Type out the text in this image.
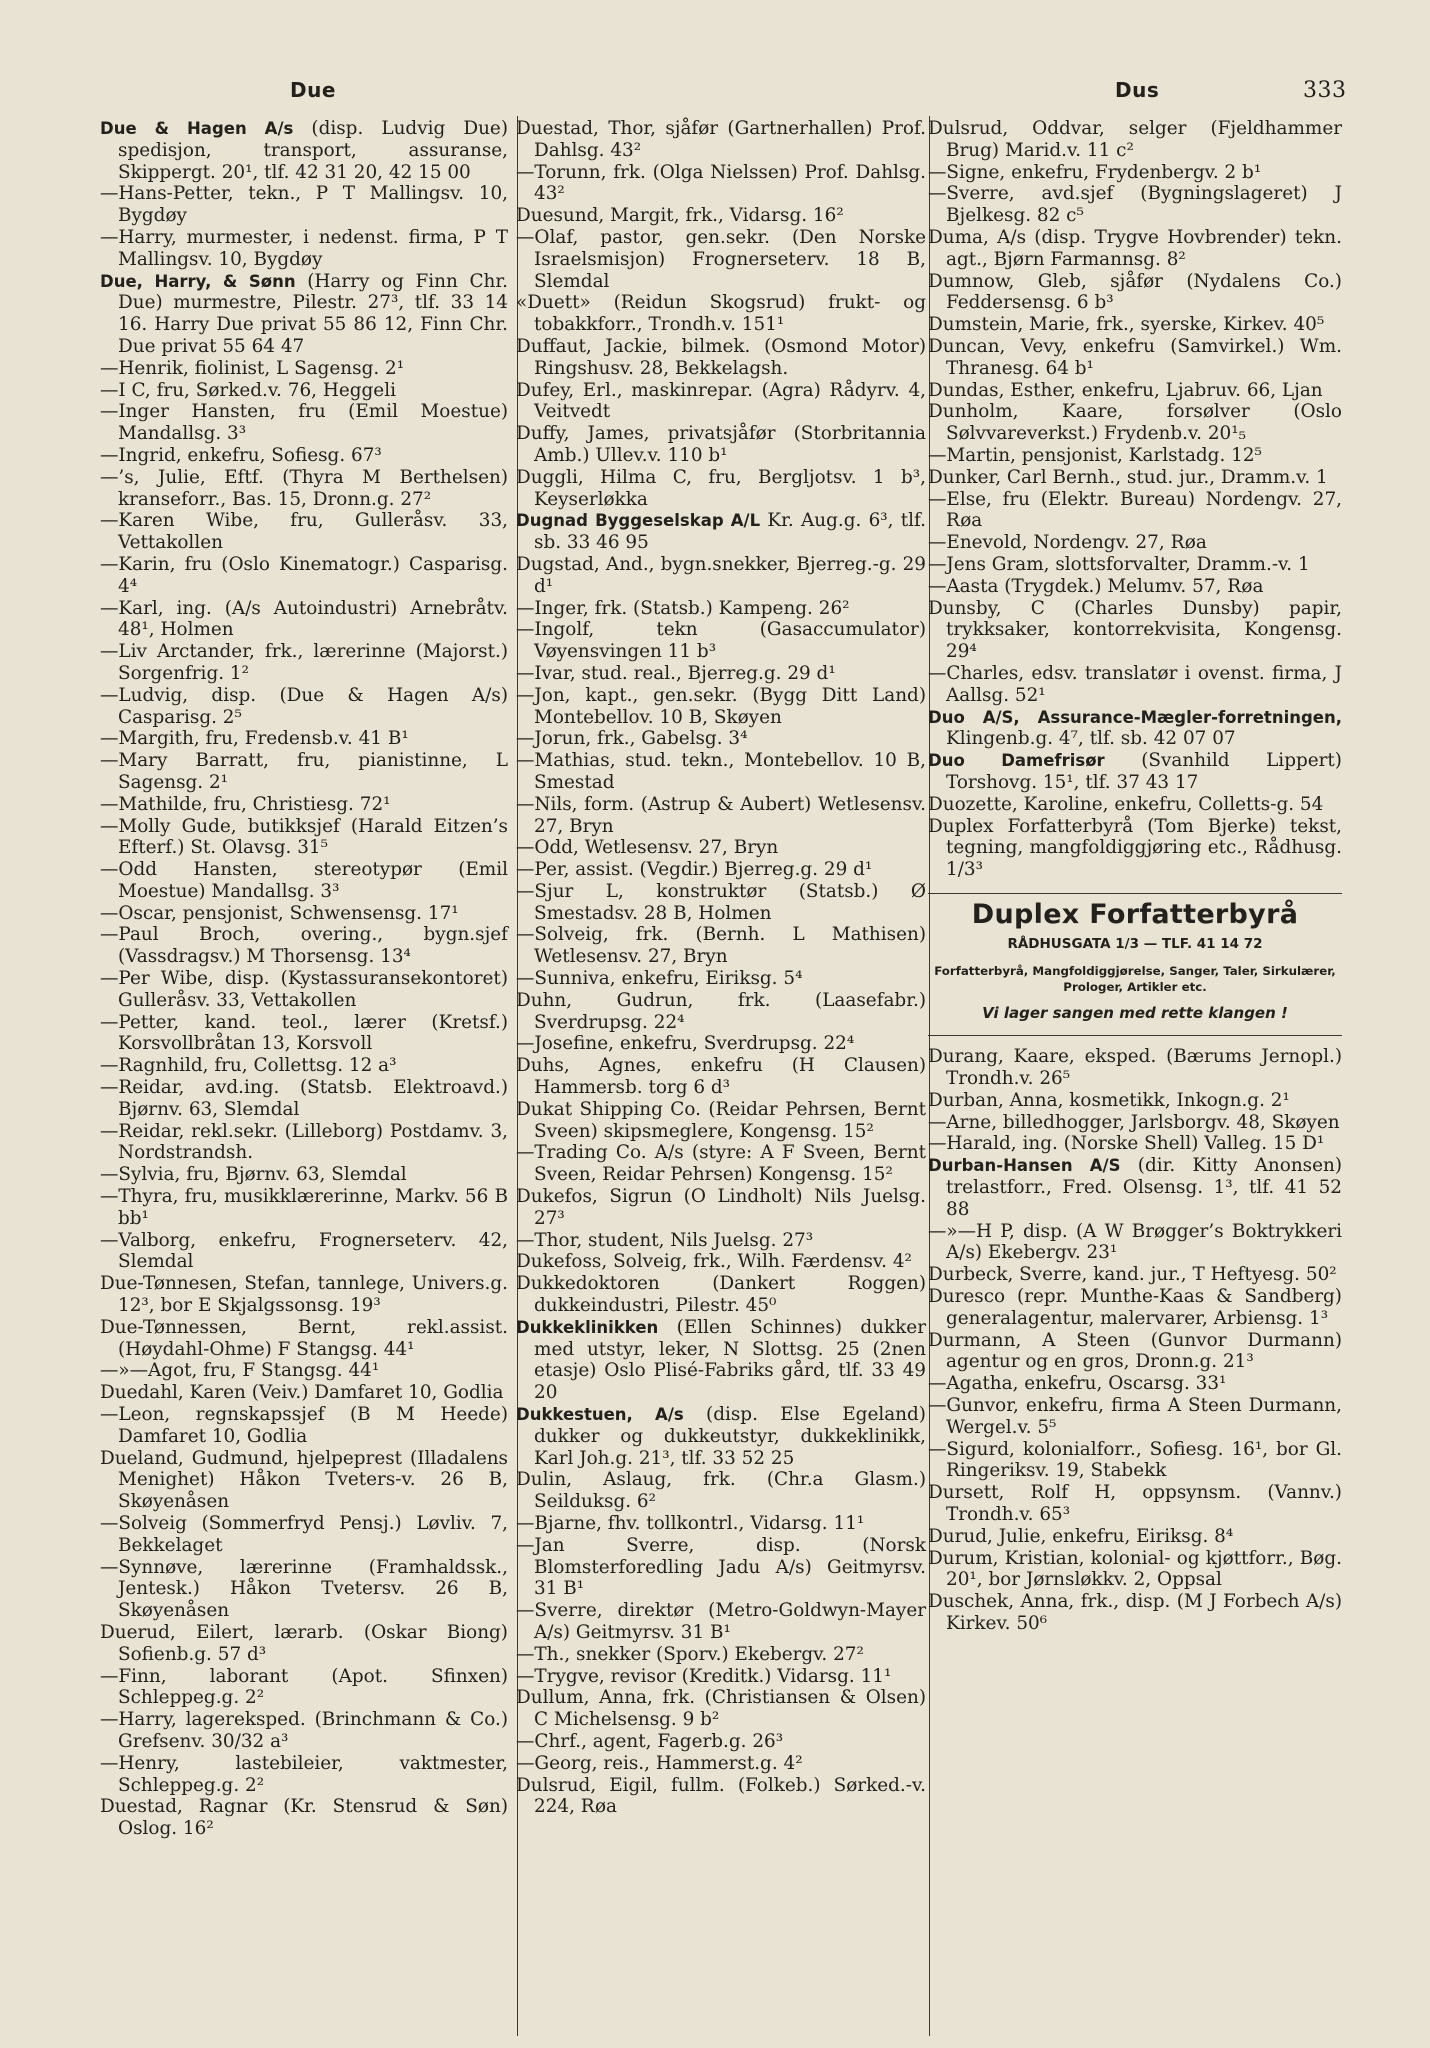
Due	Dus	333
Due & Hagen A/s (disp. Ludvig Due) spedisjon, transport, assuranse, Skippergt. 20¹, tlf. 42 31 20, 42 15 00
—Hans-Petter, tekn., P T Mallingsv. 10, Bygdøy
—Harry, murmester, i nedenst. firma, P T Mallingsv. 10, Bygdøy
Due, Harry, & Sønn (Harry og Finn Chr. Due) murmestre, Pilestr. 27³, tlf. 33 14 16. Harry Due privat 55 86 12, Finn Chr. Due privat 55 64 47
—Henrik, fiolinist, L Sagensg. 2¹
—I C, fru, Sørked.v. 76, Heggeli
—Inger Hansten, fru (Emil Moestue) Mandallsg. 3³
—Ingrid, enkefru, Sofiesg. 67³
—’s, Julie, Eftf. (Thyra M Berthelsen) kranseforr., Bas. 15, Dronn.g. 27²
—Karen Wibe, fru, Gulleråsv. 33, Vettakollen
—Karin, fru (Oslo Kinematogr.) Casparisg. 4⁴
—Karl, ing. (A/s Autoindustri) Arnebråtv. 48¹, Holmen
—Liv Arctander, frk., lærerinne (Majorst.) Sorgenfrig. 1²
—Ludvig, disp. (Due & Hagen A/s) Casparisg. 2⁵
—Margith, fru, Fredensb.v. 41 B¹
—Mary Barratt, fru, pianistinne, L Sagensg. 2¹
—Mathilde, fru, Christiesg. 72¹
—Molly Gude, butikksjef (Harald Eitzen’s Efterf.) St. Olavsg. 31⁵
—Odd Hansten, stereotypør (Emil Moestue) Mandallsg. 3³
—Oscar, pensjonist, Schwensensg. 17¹
—Paul Broch, overing., bygn.sjef (Vassdragsv.) M Thorsensg. 13⁴
—Per Wibe, disp. (Kystassuransekontoret) Gulleråsv. 33, Vettakollen
—Petter, kand. teol., lærer (Kretsf.) Korsvollbråtan 13, Korsvoll
—Ragnhild, fru, Collettsg. 12 a³
—Reidar, avd.ing. (Statsb. Elektroavd.) Bjørnv. 63, Slemdal
—Reidar, rekl.sekr. (Lilleborg) Postdamv. 3, Nordstrandsh.
—Sylvia, fru, Bjørnv. 63, Slemdal
—Thyra, fru, musikklærerinne, Markv. 56 B bb¹
—Valborg, enkefru, Frognerseterv. 42, Slemdal
Due-Tønnesen, Stefan, tannlege, Univers.g. 12³, bor E Skjalgssonsg. 19³
Due-Tønnessen, Bernt, rekl.assist. (Høydahl-Ohme) F Stangsg. 44¹
—»—Agot, fru, F Stangsg. 44¹
Duedahl, Karen (Veiv.) Damfaret 10, Godlia
—Leon, regnskapssjef (B M Heede) Damfaret 10, Godlia
Dueland, Gudmund, hjelpeprest (Illadalens Menighet) Håkon Tveters-v. 26 B, Skøyenåsen
—Solveig (Sommerfryd Pensj.) Løvliv. 7, Bekkelaget
—Synnøve, lærerinne (Framhaldssk., Jentesk.) Håkon Tvetersv. 26 B, Skøyenåsen
Duerud, Eilert, lærarb. (Oskar Biong) Sofienb.g. 57 d³
—Finn, laborant (Apot. Sfinxen) Schleppeg.g. 2²
—Harry, lagereksped. (Brinchmann & Co.) Grefsenv. 30/32 a³
—Henry, lastebileier, vaktmester, Schleppeg.g. 2²
Duestad, Ragnar (Kr. Stensrud & Søn) Oslog. 16²
Duestad, Thor, sjåfør (Gartnerhallen) Prof. Dahlsg. 43²
—Torunn, frk. (Olga Nielssen) Prof. Dahlsg. 43²
Duesund, Margit, frk., Vidarsg. 16²
—Olaf, pastor, gen.sekr. (Den Norske Israelsmisjon) Frognerseterv. 18 B, Slemdal
«Duett» (Reidun Skogsrud) frukt- og tobakkforr., Trondh.v. 151¹
Duffaut, Jackie, bilmek. (Osmond Motor) Ringshusv. 28, Bekkelagsh.
Dufey, Erl., maskinrepar. (Agra) Rådyrv. 4, Veitvedt
Duffy, James, privatsjåfør (Storbritannia Amb.) Ullev.v. 110 b¹
Duggli, Hilma C, fru, Bergljotsv. 1 b³, Keyserløkka
Dugnad Byggeselskap A/L Kr. Aug.g. 6³, tlf. sb. 33 46 95
Dugstad, And., bygn.snekker, Bjerreg.-g. 29 d¹
—Inger, frk. (Statsb.) Kampeng. 26²
—Ingolf, tekn (Gasaccumulator) Vøyensvingen 11 b³
—Ivar, stud. real., Bjerreg.g. 29 d¹
—Jon, kapt., gen.sekr. (Bygg Ditt Land) Montebellov. 10 B, Skøyen
—Jorun, frk., Gabelsg. 3⁴
—Mathias, stud. tekn., Montebellov. 10 B, Smestad
—Nils, form. (Astrup & Aubert) Wetlesensv. 27, Bryn
—Odd, Wetlesensv. 27, Bryn
—Per, assist. (Vegdir.) Bjerreg.g. 29 d¹
—Sjur L, konstruktør (Statsb.) Ø Smestadsv. 28 B, Holmen
—Solveig, frk. (Bernh. L Mathisen) Wetlesensv. 27, Bryn
—Sunniva, enkefru, Eiriksg. 5⁴
Duhn, Gudrun, frk. (Laasefabr.) Sverdrupsg. 22⁴
—Josefine, enkefru, Sverdrupsg. 22⁴
Duhs, Agnes, enkefru (H Clausen) Hammersb. torg 6 d³
Dukat Shipping Co. (Reidar Pehrsen, Bernt Sveen) skipsmeglere, Kongensg. 15²
—Trading Co. A/s (styre: A F Sveen, Bernt Sveen, Reidar Pehrsen) Kongensg. 15²
Dukefos, Sigrun (O Lindholt) Nils Juelsg. 27³
—Thor, student, Nils Juelsg. 27³
Dukefoss, Solveig, frk., Wilh. Færdensv. 4²
Dukkedoktoren (Dankert Roggen) dukkeindustri, Pilestr. 45⁰
Dukkeklinikken (Ellen Schinnes) dukker med utstyr, leker, N Slottsg. 25 (2nen etasje) Oslo Plisé-Fabriks gård, tlf. 33 49 20
Dukkestuen, A/s (disp. Else Egeland) dukker og dukkeutstyr, dukkeklinikk, Karl Joh.g. 21³, tlf. 33 52 25
Dulin, Aslaug, frk. (Chr.a Glasm.) Seilduksg. 6²
—Bjarne, fhv. tollkontrl., Vidarsg. 11¹
—Jan Sverre, disp. (Norsk Blomsterforedling Jadu A/s) Geitmyrsv. 31 B¹
—Sverre, direktør (Metro-Goldwyn-Mayer A/s) Geitmyrsv. 31 B¹
—Th., snekker (Sporv.) Ekebergv. 27²
—Trygve, revisor (Kreditk.) Vidarsg. 11¹
Dullum, Anna, frk. (Christiansen & Olsen) C Michelsensg. 9 b²
—Chrf., agent, Fagerb.g. 26³
—Georg, reis., Hammerst.g. 4²
Dulsrud, Eigil, fullm. (Folkeb.) Sørked.-v. 224, Røa
Dulsrud, Oddvar, selger (Fjeldhammer Brug) Marid.v. 11 c²
—Signe, enkefru, Frydenbergv. 2 b¹
—Sverre, avd.sjef (Bygningslageret) J Bjelkesg. 82 c⁵
Duma, A/s (disp. Trygve Hovbrender) tekn. agt., Bjørn Farmannsg. 8²
Dumnow, Gleb, sjåfør (Nydalens Co.) Feddersensg. 6 b³
Dumstein, Marie, frk., syerske, Kirkev. 40⁵
Duncan, Vevy, enkefru (Samvirkel.) Wm. Thranesg. 64 b¹
Dundas, Esther, enkefru, Ljabruv. 66, Ljan
Dunholm, Kaare, forsølver (Oslo Sølvvareverkst.) Frydenb.v. 20¹₅
—Martin, pensjonist, Karlstadg. 12⁵
Dunker, Carl Bernh., stud. jur., Dramm.v. 1
—Else, fru (Elektr. Bureau) Nordengv. 27, Røa
—Enevold, Nordengv. 27, Røa
—Jens Gram, slottsforvalter, Dramm.-v. 1
—Aasta (Trygdek.) Melumv. 57, Røa
Dunsby, C (Charles Dunsby) papir, trykksaker, kontorrekvisita, Kongensg. 29⁴
—Charles, edsv. translatør i ovenst. firma, J Aallsg. 52¹
Duo A/S, Assurance-Mægler-forretningen, Klingenb.g. 4⁷, tlf. sb. 42 07 07
Duo Damefrisør (Svanhild Lippert) Torshovg. 15¹, tlf. 37 43 17
Duozette, Karoline, enkefru, Colletts-g. 54
Duplex Forfatterbyrå (Tom Bjerke) tekst, tegning, mangfoldiggjøring etc., Rådhusg. 1/3³
Duplex Forfatterbyrå
RÅDHUSGATA 1/3 — TLF. 41 14 72
Forfatterbyrå, Mangfoldiggjørelse, Sanger, Taler, Sirkulærer, Prologer, Artikler etc.
Vi lager sangen med rette klangen !
Durang, Kaare, eksped. (Bærums Jernopl.) Trondh.v. 26⁵
Durban, Anna, kosmetikk, Inkogn.g. 2¹
—Arne, billedhogger, Jarlsborgv. 48, Skøyen
—Harald, ing. (Norske Shell) Valleg. 15 D¹
Durban-Hansen A/S (dir. Kitty Anonsen) trelastforr., Fred. Olsensg. 1³, tlf. 41 52 88
—»—H P, disp. (A W Brøgger’s Boktrykkeri A/s) Ekebergv. 23¹
Durbeck, Sverre, kand. jur., T Heftyesg. 50²
Duresco (repr. Munthe-Kaas & Sandberg) generalagentur, malervarer, Arbiensg. 1³
Durmann, A Steen (Gunvor Durmann) agentur og en gros, Dronn.g. 21³
—Agatha, enkefru, Oscarsg. 33¹
—Gunvor, enkefru, firma A Steen Durmann, Wergel.v. 5⁵
—Sigurd, kolonialforr., Sofiesg. 16¹, bor Gl. Ringeriksv. 19, Stabekk
Dursett, Rolf H, oppsynsm. (Vannv.) Trondh.v. 65³
Durud, Julie, enkefru, Eiriksg. 8⁴
Durum, Kristian, kolonial- og kjøttforr., Bøg. 20¹, bor Jørnsløkkv. 2, Oppsal
Duschek, Anna, frk., disp. (M J Forbech A/s) Kirkev. 50⁶
